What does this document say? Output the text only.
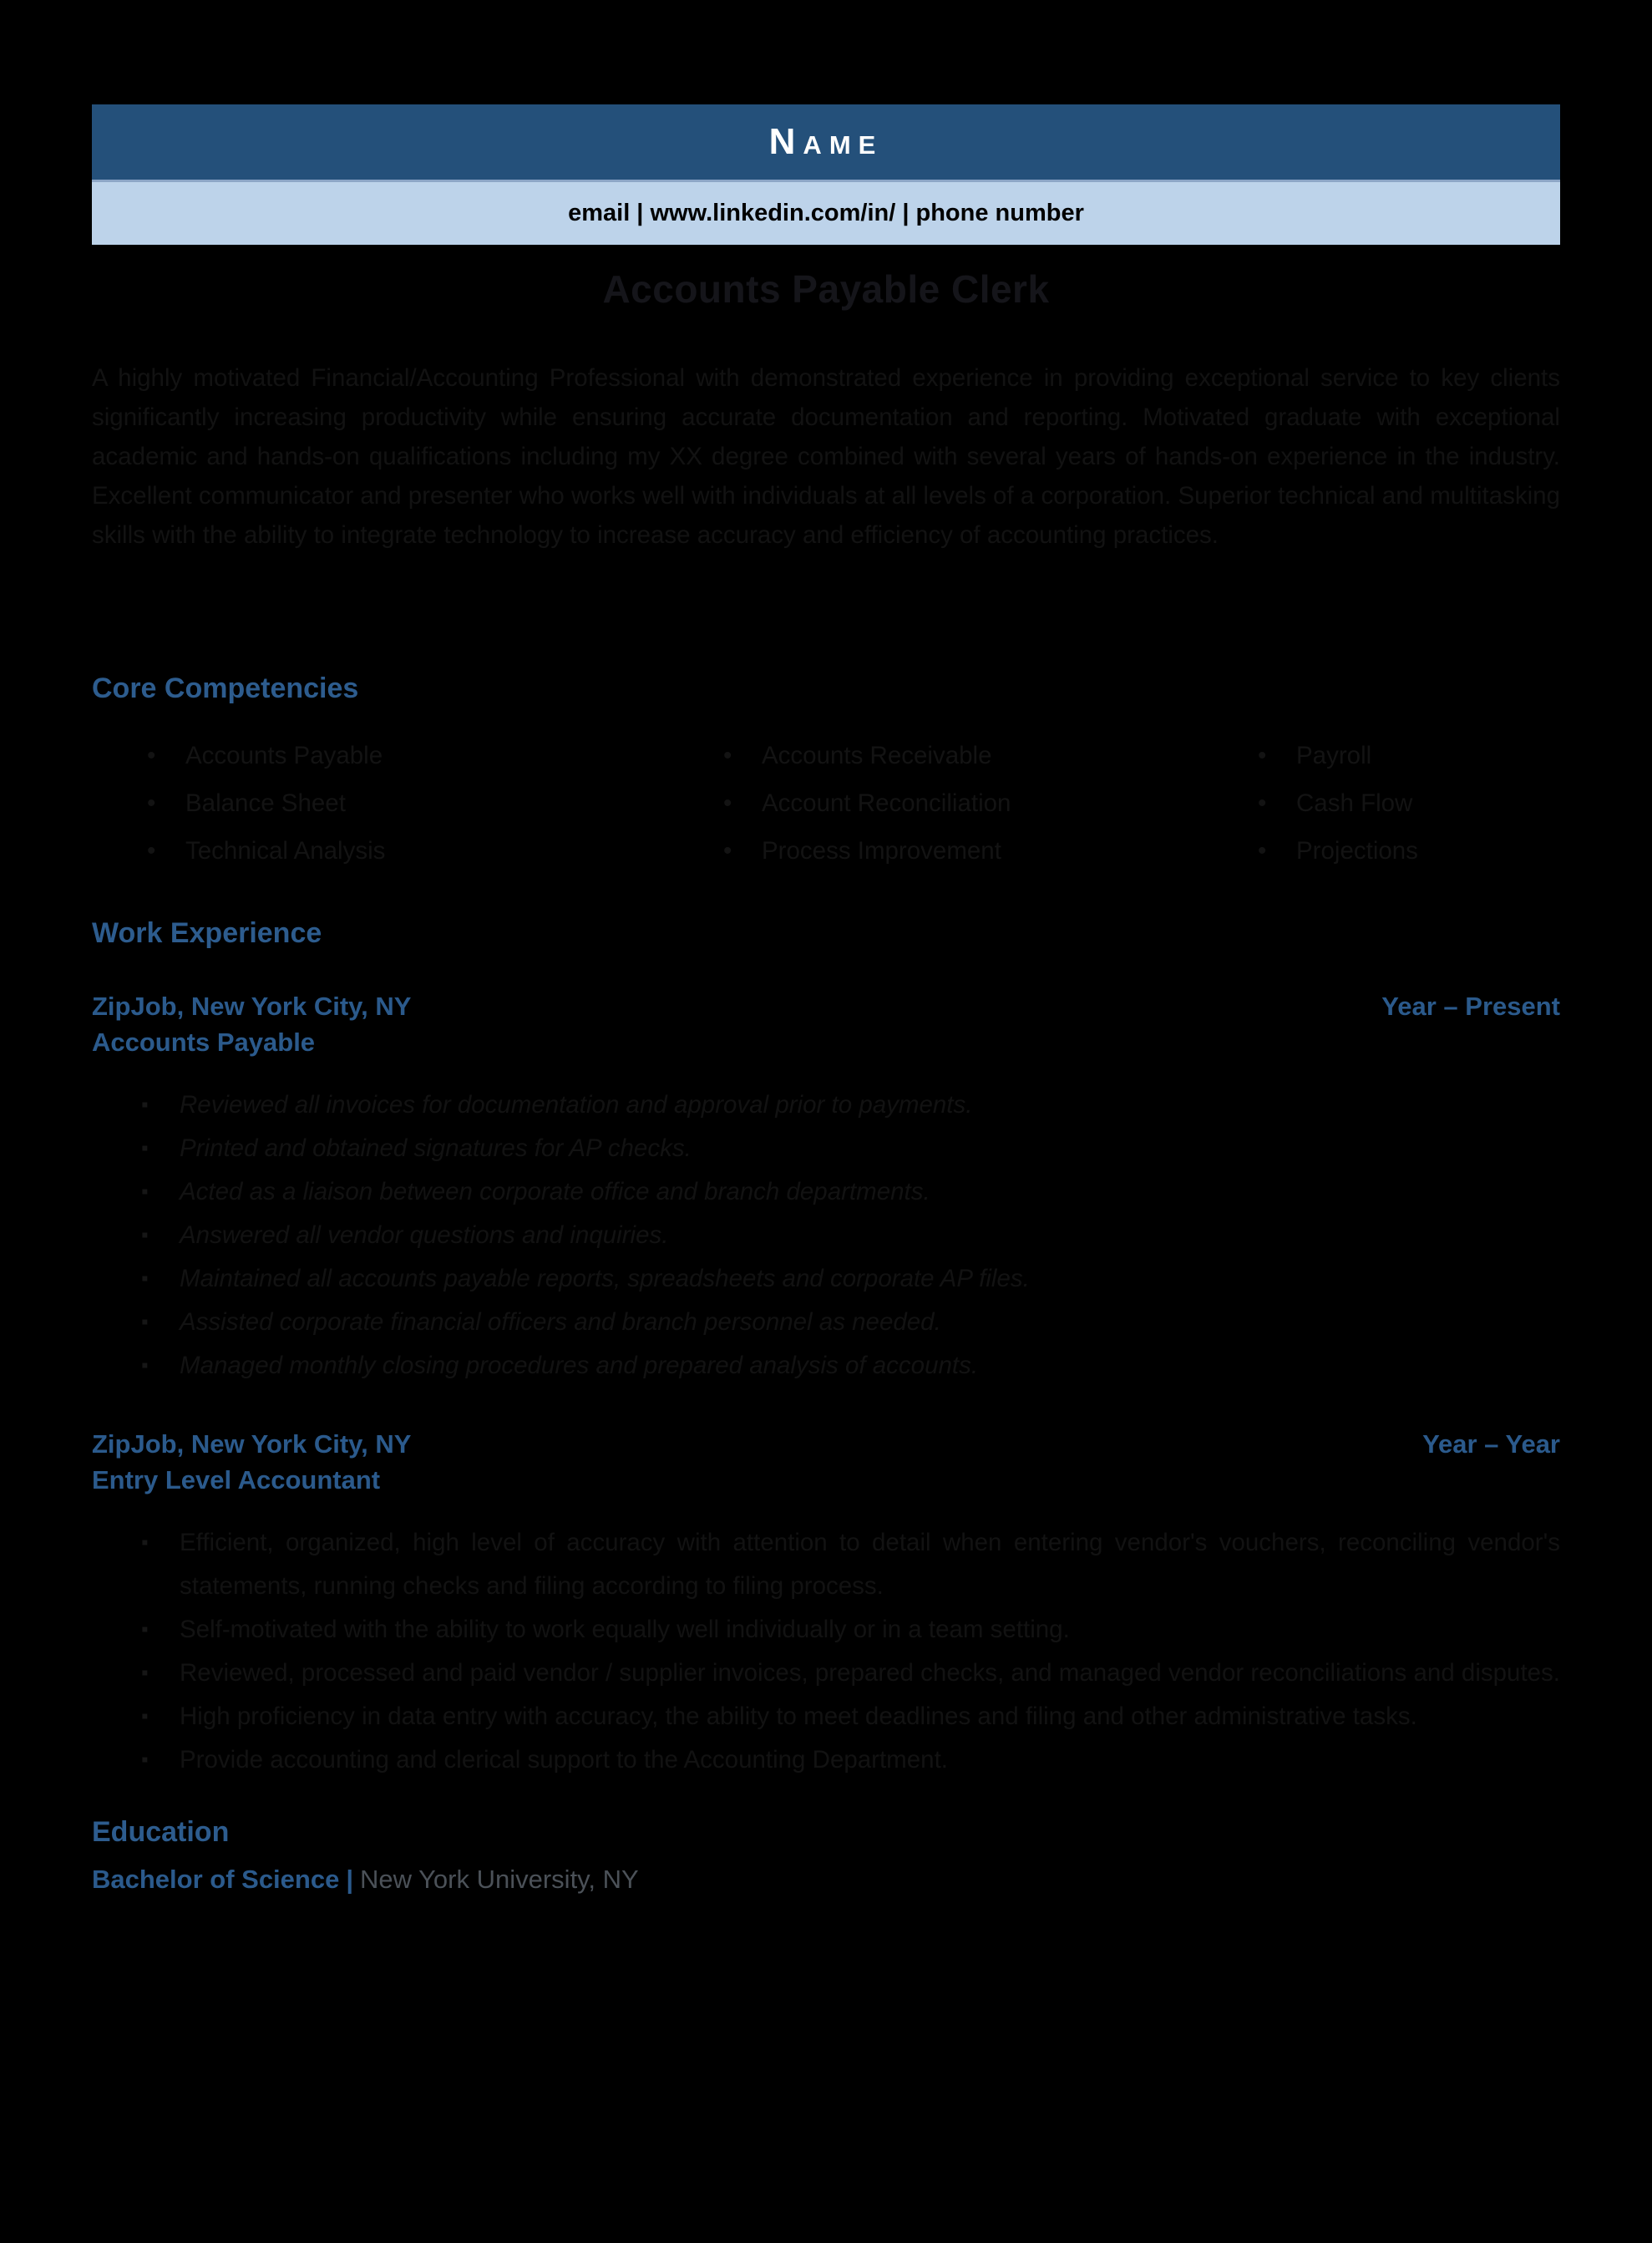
Name
email | www.linkedin.com/in/ | phone number
Accounts Payable Clerk
A highly motivated Financial/Accounting Professional with demonstrated experience in providing exceptional service to key clients significantly increasing productivity while ensuring accurate documentation and reporting. Motivated graduate with exceptional academic and hands-on qualifications including my XX degree combined with several years of hands-on experience in the industry. Excellent communicator and presenter who works well with individuals at all levels of a corporation. Superior technical and multitasking skills with the ability to integrate technology to increase accuracy and efficiency of accounting practices.
Core Competencies
•	Accounts Payable
•	Balance Sheet
•	Technical Analysis
•	Accounts Receivable
•	Account Reconciliation
•	Process Improvement
•	Payroll
•	Cash Flow
•	Projections
Work Experience
ZipJob, New York City, NY	Year – Present
Accounts Payable
▪	Reviewed all invoices for documentation and approval prior to payments.
▪	Printed and obtained signatures for AP checks.
▪	Acted as a liaison between corporate office and branch departments.
▪	Answered all vendor questions and inquiries.
▪	Maintained all accounts payable reports, spreadsheets and corporate AP files.
▪	Assisted corporate financial officers and branch personnel as needed.
▪	Managed monthly closing procedures and prepared analysis of accounts.
ZipJob, New York City, NY	Year – Year
Entry Level Accountant
▪	Efficient, organized, high level of accuracy with attention to detail when entering vendor's vouchers, reconciling vendor's statements, running checks and filing according to filing process.
▪	Self-motivated with the ability to work equally well individually or in a team setting.
▪	Reviewed, processed and paid vendor / supplier invoices, prepared checks, and managed vendor reconciliations and disputes.
▪	High proficiency in data entry with accuracy, the ability to meet deadlines and filing and other administrative tasks.
▪	Provide accounting and clerical support to the Accounting Department.
Education
Bachelor of Science | New York University, NY
